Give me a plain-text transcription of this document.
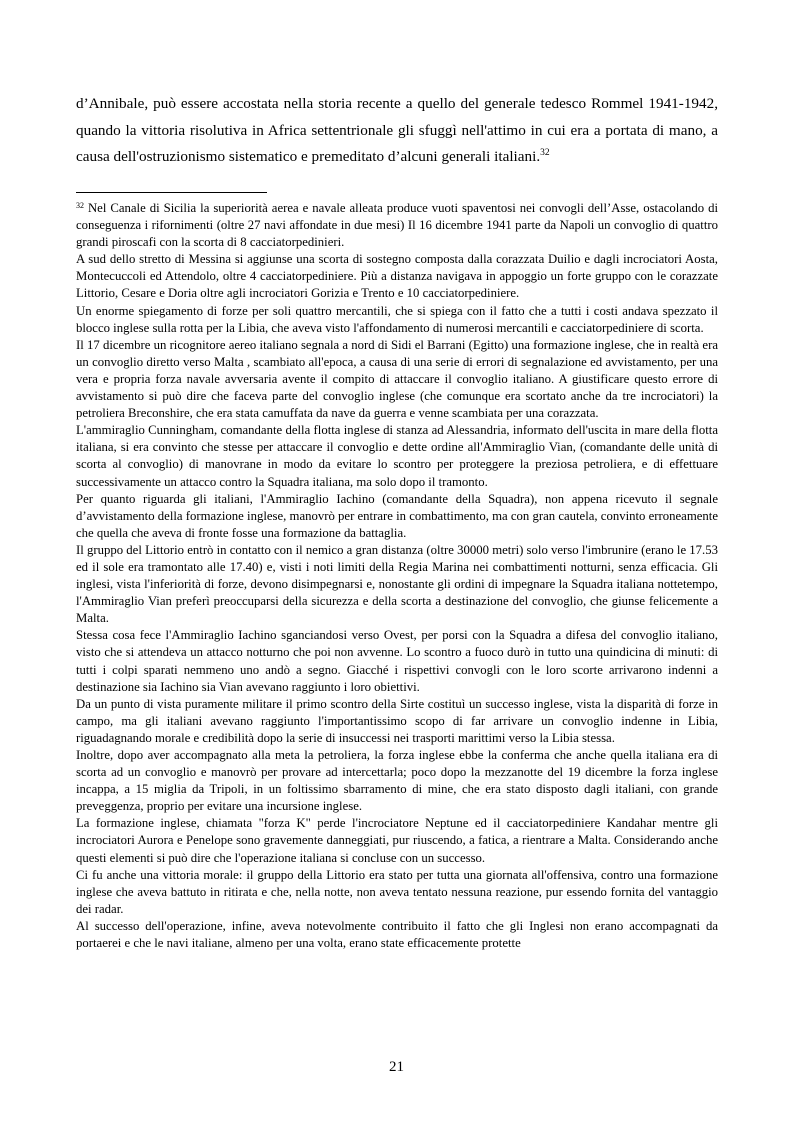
d’Annibale, può essere accostata nella storia recente a quello del generale tedesco Rommel 1941-1942, quando la vittoria risolutiva in Africa settentrionale gli sfuggì nell'attimo in cui era a portata di mano, a causa dell'ostruzionismo sistematico e premeditato d’alcuni generali italiani.$^{32}$

$^{32}$ Nel Canale di Sicilia la superiorità aerea e navale alleata produce vuoti spaventosi nei convogli dell’Asse, ostacolando di conseguenza i rifornimenti (oltre 27 navi affondate in due mesi) Il 16 dicembre 1941 parte da Napoli un convoglio di quattro grandi piroscafi con la scorta di 8 cacciatorpedinieri.

A sud dello stretto di Messina si aggiunse una scorta di sostegno composta dalla corazzata Duilio e dagli incrociatori Aosta, Montecuccoli ed Attendolo, oltre 4 cacciatorpediniere. Più a distanza navigava in appoggio un forte gruppo con le corazzate Littorio, Cesare e Doria oltre agli incrociatori Gorizia e Trento e 10 cacciatorpediniere.

Un enorme spiegamento di forze per soli quattro mercantili, che si spiega con il fatto che a tutti i costi andava spezzato il blocco inglese sulla rotta per la Libia, che aveva visto l'affondamento di numerosi mercantili e cacciatorpediniere di scorta.

Il 17 dicembre un ricognitore aereo italiano segnala a nord di Sidi el Barrani (Egitto) una formazione inglese, che in realtà era un convoglio diretto verso Malta , scambiato all'epoca, a causa di una serie di errori di segnalazione ed avvistamento, per una vera e propria forza navale avversaria avente il compito di attaccare il convoglio italiano. A giustificare questo errore di avvistamento si può dire che faceva parte del convoglio inglese (che comunque era scortato anche da tre incrociatori) la petroliera Breconshire, che era stata camuffata da nave da guerra e venne scambiata per una corazzata.

L'ammiraglio Cunningham, comandante della flotta inglese di stanza ad Alessandria, informato dell'uscita in mare della flotta italiana, si era convinto che stesse per attaccare il convoglio e dette ordine all'Ammiraglio Vian, (comandante delle unità di scorta al convoglio) di manovrane in modo da evitare lo scontro per proteggere la preziosa petroliera, e di effettuare successivamente un attacco contro la Squadra italiana, ma solo dopo il tramonto.

Per quanto riguarda gli italiani, l'Ammiraglio Iachino (comandante della Squadra), non appena ricevuto il segnale d’avvistamento della formazione inglese, manovrò per entrare in combattimento, ma con gran cautela, convinto erroneamente che quella che aveva di fronte fosse una formazione da battaglia.

Il gruppo del Littorio entrò in contatto con il nemico a gran distanza (oltre 30000 metri) solo verso l'imbrunire (erano le 17.53 ed il sole era tramontato alle 17.40) e, visti i noti limiti della Regia Marina nei combattimenti notturni, senza efficacia. Gli inglesi, vista l'inferiorità di forze, devono disimpegnarsi e, nonostante gli ordini di impegnare la Squadra italiana nottetempo, l'Ammiraglio Vian preferì preoccuparsi della sicurezza e della scorta a destinazione del convoglio, che giunse felicemente a Malta.

Stessa cosa fece l'Ammiraglio Iachino sganciandosi verso Ovest, per porsi con la Squadra a difesa del convoglio italiano, visto che si attendeva un attacco notturno che poi non avvenne. Lo scontro a fuoco durò in tutto una quindicina di minuti: di tutti i colpi sparati nemmeno uno andò a segno. Giacché i rispettivi convogli con le loro scorte arrivarono indenni a destinazione sia Iachino sia Vian avevano raggiunto i loro obiettivi.

Da un punto di vista puramente militare il primo scontro della Sirte costituì un successo inglese, vista la disparità di forze in campo, ma gli italiani avevano raggiunto l'importantissimo scopo di far arrivare un convoglio indenne in Libia, riguadagnando morale e credibilità dopo la serie di insuccessi nei trasporti marittimi verso la Libia stessa.

Inoltre, dopo aver accompagnato alla meta la petroliera, la forza inglese ebbe la conferma che anche quella italiana era di scorta ad un convoglio e manovrò per provare ad intercettarla; poco dopo la mezzanotte del 19 dicembre la forza inglese incappa, a 15 miglia da Tripoli, in un foltissimo sbarramento di mine, che era stato disposto dagli italiani, con grande preveggenza, proprio per evitare una incursione inglese.

La formazione inglese, chiamata "forza K" perde l'incrociatore Neptune ed il cacciatorpediniere Kandahar mentre gli incrociatori Aurora e Penelope sono gravemente danneggiati, pur riuscendo, a fatica, a rientrare a Malta. Considerando anche questi elementi si può dire che l'operazione italiana si concluse con un successo.

Ci fu anche una vittoria morale: il gruppo della Littorio era stato per tutta una giornata all'offensiva, contro una formazione inglese che aveva battuto in ritirata e che, nella notte, non aveva tentato nessuna reazione, pur essendo fornita del vantaggio dei radar.

Al successo dell'operazione, infine, aveva notevolmente contribuito il fatto che gli Inglesi non erano accompagnati da portaerei e che le navi italiane, almeno per una volta, erano state efficacemente protette

21
